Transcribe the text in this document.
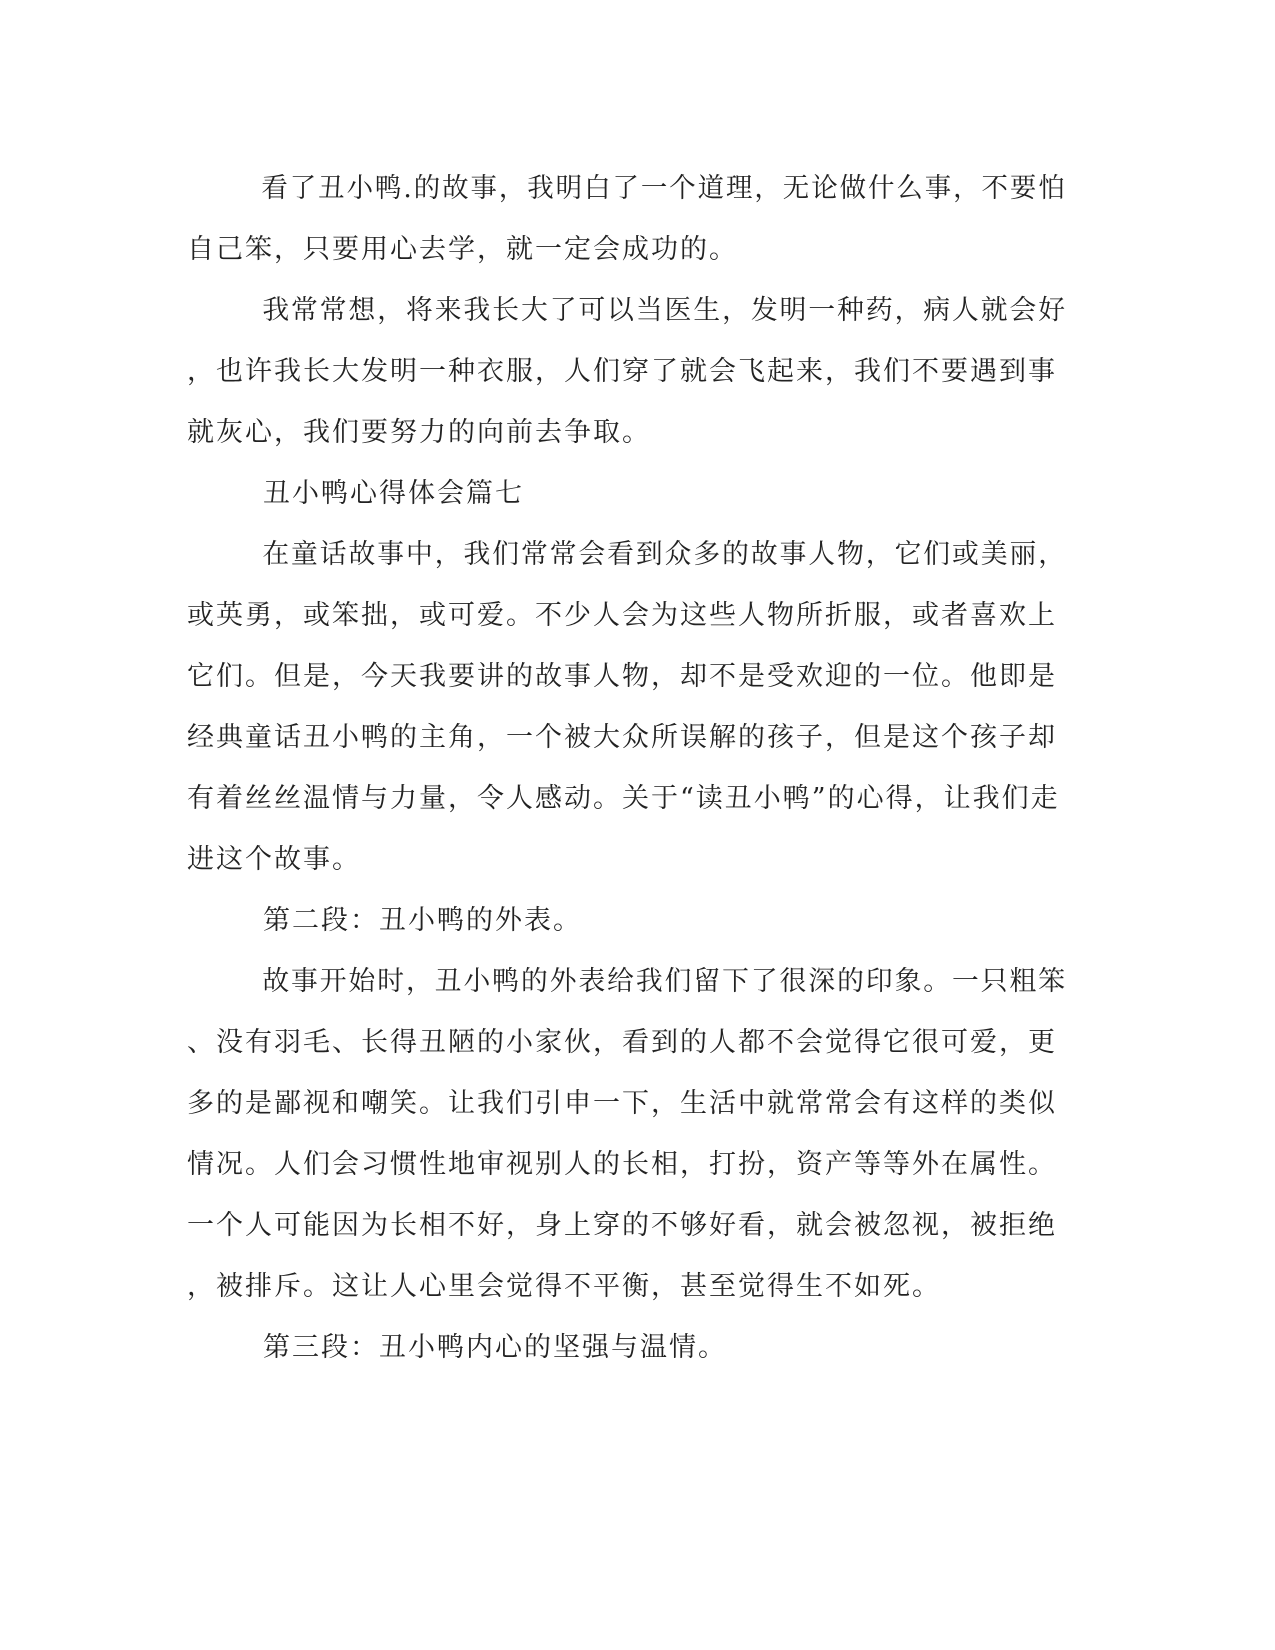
看了丑小鸭.的故事，我明白了一个道理，无论做什么事，不要怕
自己笨，只要用心去学，就一定会成功的。
我常常想，将来我长大了可以当医生，发明一种药，病人就会好
，也许我长大发明一种衣服，人们穿了就会飞起来，我们不要遇到事
就灰心，我们要努力的向前去争取。
丑小鸭心得体会篇七
在童话故事中，我们常常会看到众多的故事人物，它们或美丽，
或英勇，或笨拙，或可爱。不少人会为这些人物所折服，或者喜欢上
它们。但是，今天我要讲的故事人物，却不是受欢迎的一位。他即是
经典童话丑小鸭的主角，一个被大众所误解的孩子，但是这个孩子却
有着丝丝温情与力量，令人感动。关于“读丑小鸭”的心得，让我们走
进这个故事。
第二段：丑小鸭的外表。
故事开始时，丑小鸭的外表给我们留下了很深的印象。一只粗笨
、没有羽毛、长得丑陋的小家伙，看到的人都不会觉得它很可爱，更
多的是鄙视和嘲笑。让我们引申一下，生活中就常常会有这样的类似
情况。人们会习惯性地审视别人的长相，打扮，资产等等外在属性。
一个人可能因为长相不好，身上穿的不够好看，就会被忽视，被拒绝
，被排斥。这让人心里会觉得不平衡，甚至觉得生不如死。
第三段：丑小鸭内心的坚强与温情。
